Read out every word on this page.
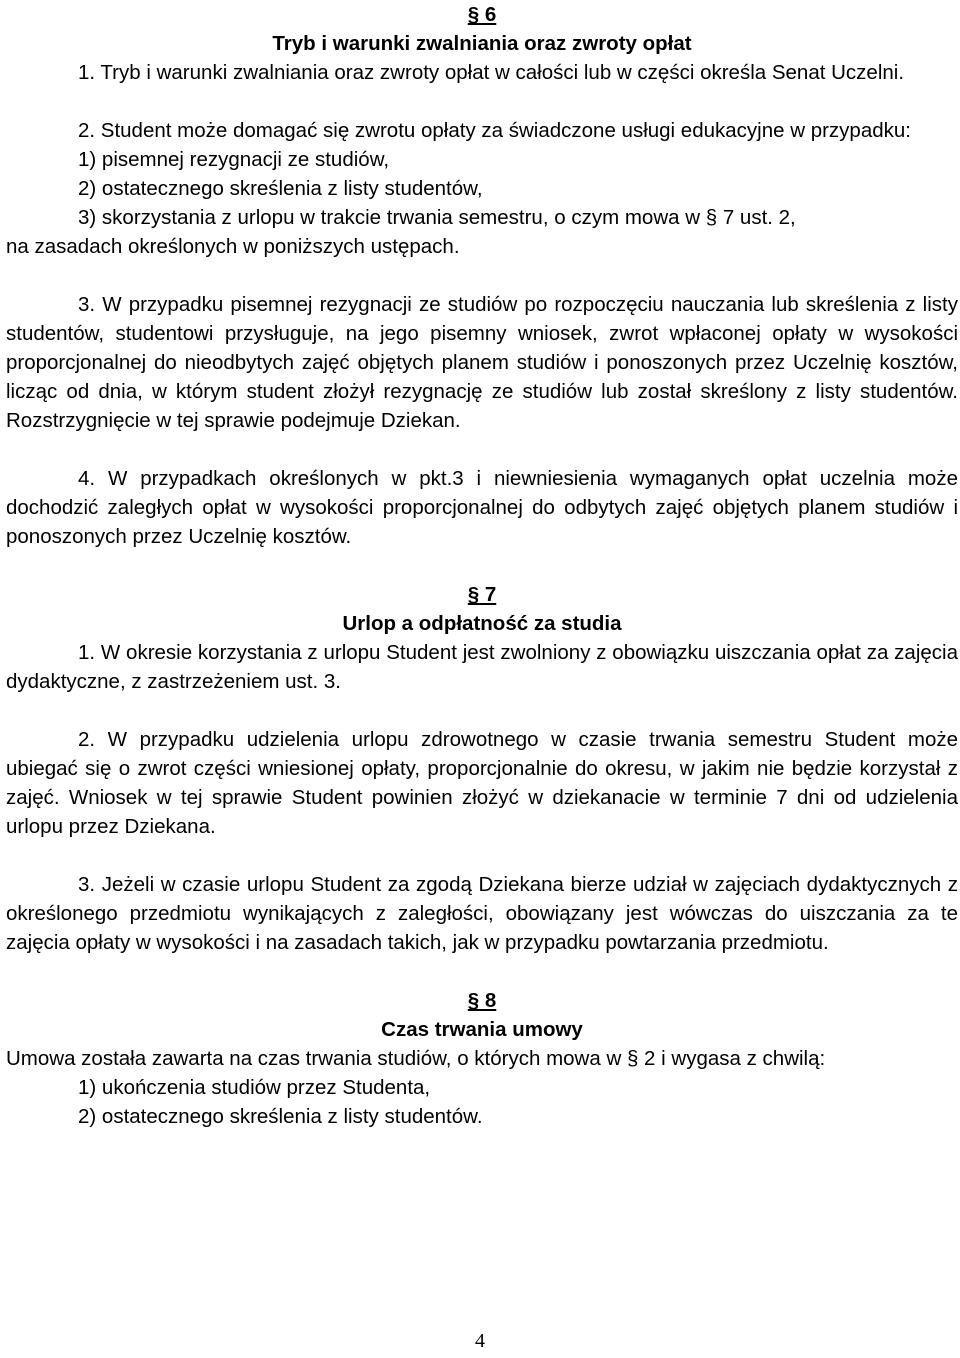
§ 6
Tryb i warunki zwalniania oraz zwroty opłat

1. Tryb i warunki zwalniania oraz zwroty opłat w całości lub w części określa Senat Uczelni.

2. Student może domagać się zwrotu opłaty za świadczone usługi edukacyjne w przypadku:

1) pisemnej rezygnacji ze studiów,
2) ostatecznego skreślenia z listy studentów,
3) skorzystania z urlopu w trakcie trwania semestru, o czym mowa w § 7 ust. 2,
na zasadach określonych w poniższych ustępach.

3. W przypadku pisemnej rezygnacji ze studiów po rozpoczęciu nauczania lub skreślenia z listy studentów, studentowi przysługuje, na jego pisemny wniosek, zwrot wpłaconej opłaty w wysokości proporcjonalnej do nieodbytych zajęć objętych planem studiów i ponoszonych przez Uczelnię kosztów, licząc od dnia, w którym student złożył rezygnację ze studiów lub został skreślony z listy studentów. Rozstrzygnięcie w tej sprawie podejmuje Dziekan.

4. W przypadkach określonych w pkt.3 i niewniesienia wymaganych opłat uczelnia może dochodzić zaległych opłat w wysokości proporcjonalnej do odbytych zajęć objętych planem studiów i ponoszonych przez Uczelnię kosztów.

§ 7
Urlop a odpłatność za studia

1. W okresie korzystania z urlopu Student jest zwolniony z obowiązku uiszczania opłat za zajęcia dydaktyczne, z zastrzeżeniem ust. 3.

2. W przypadku udzielenia urlopu zdrowotnego w czasie trwania semestru Student może ubiegać się o zwrot części wniesionej opłaty, proporcjonalnie do okresu, w jakim nie będzie korzystał z zajęć. Wniosek w tej sprawie Student powinien złożyć w dziekanacie w terminie 7 dni od udzielenia urlopu przez Dziekana.

3. Jeżeli w czasie urlopu Student za zgodą Dziekana bierze udział w zajęciach dydaktycznych z określonego przedmiotu wynikających z zaległości, obowiązany jest wówczas do uiszczania za te zajęcia opłaty w wysokości i na zasadach takich, jak w przypadku powtarzania przedmiotu.

§ 8
Czas trwania umowy

Umowa została zawarta na czas trwania studiów, o których mowa w § 2 i wygasa z chwilą:

1) ukończenia studiów przez Studenta,
2) ostatecznego skreślenia z listy studentów.
4
